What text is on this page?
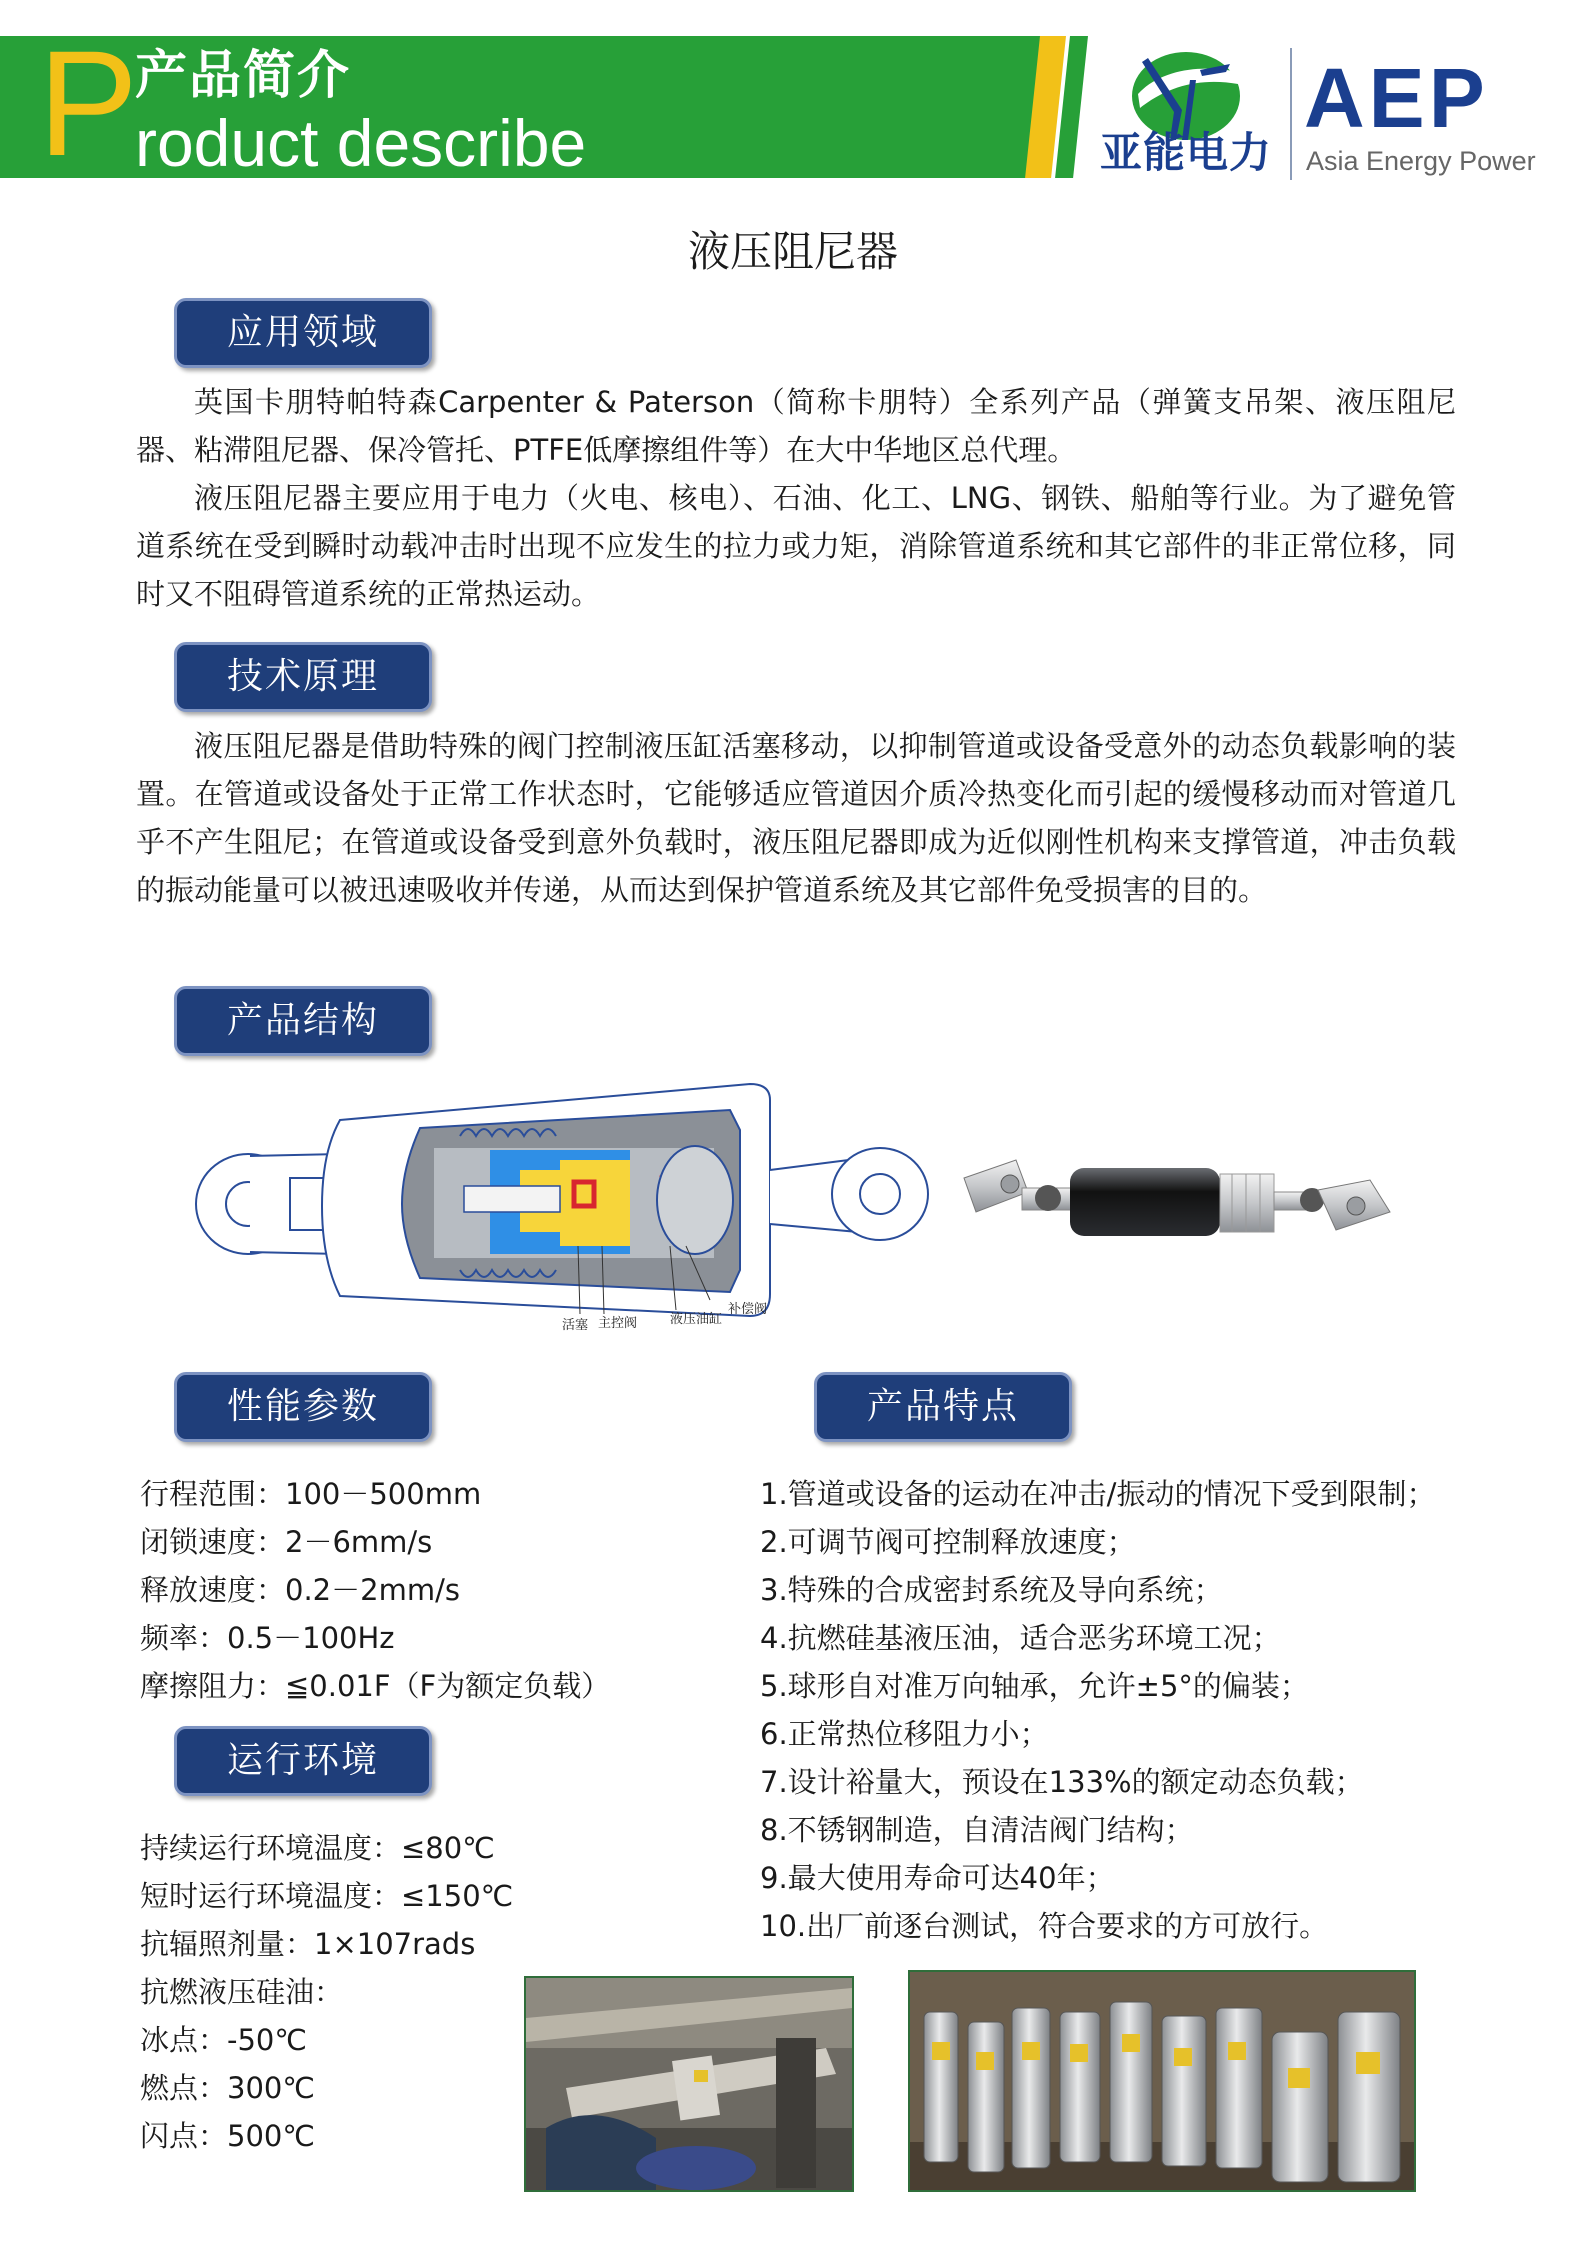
P
产品简介
roduct describe	亚能电力
AEP
Asia Energy Power
液压阻尼器
应用领域

英国卡朋特帕特森Carpenter & Paterson（简称卡朋特）全系列产品（弹簧支吊架、液压阻尼器、粘滞阻尼器、保冷管托、PTFE低摩擦组件等）在大中华地区总代理。

液压阻尼器主要应用于电力（火电、核电）、石油、化工、LNG、钢铁、船舶等行业。为了避免管道系统在受到瞬时动载冲击时出现不应发生的拉力或力矩，消除管道系统和其它部件的非正常位移，同时又不阻碍管道系统的正常热运动。

技术原理

液压阻尼器是借助特殊的阀门控制液压缸活塞移动，以抑制管道或设备受意外的动态负载影响的装置。在管道或设备处于正常工作状态时，它能够适应管道因介质冷热变化而引起的缓慢移动而对管道几乎不产生阻尼；在管道或设备受到意外负载时，液压阻尼器即成为近似刚性机构来支撑管道，冲击负载的振动能量可以被迅速吸收并传递，从而达到保护管道系统及其它部件免受损害的目的。

产品结构
活塞 主控阀	液压油缸
补偿阀
性能参数
行程范围：100－500mm
闭锁速度：2－6mm/s
释放速度：0.2－2mm/s
频率：0.5－100Hz
摩擦阻力：≦0.01F（F为额定负载）
运行环境
持续运行环境温度：≤80℃
短时运行环境温度：≤150℃
抗辐照剂量：1×107rads
抗燃液压硅油：
冰点：-50℃
燃点：300℃
闪点：500℃
产品特点
1.管道或设备的运动在冲击/振动的情况下受到限制；
2.可调节阀可控制释放速度；
3.特殊的合成密封系统及导向系统；
4.抗燃硅基液压油，适合恶劣环境工况；
5.球形自对准万向轴承，允许±5°的偏装；
6.正常热位移阻力小；
7.设计裕量大，预设在133%的额定动态负载；
8.不锈钢制造，自清洁阀门结构；
9.最大使用寿命可达40年；
10.出厂前逐台测试，符合要求的方可放行。
